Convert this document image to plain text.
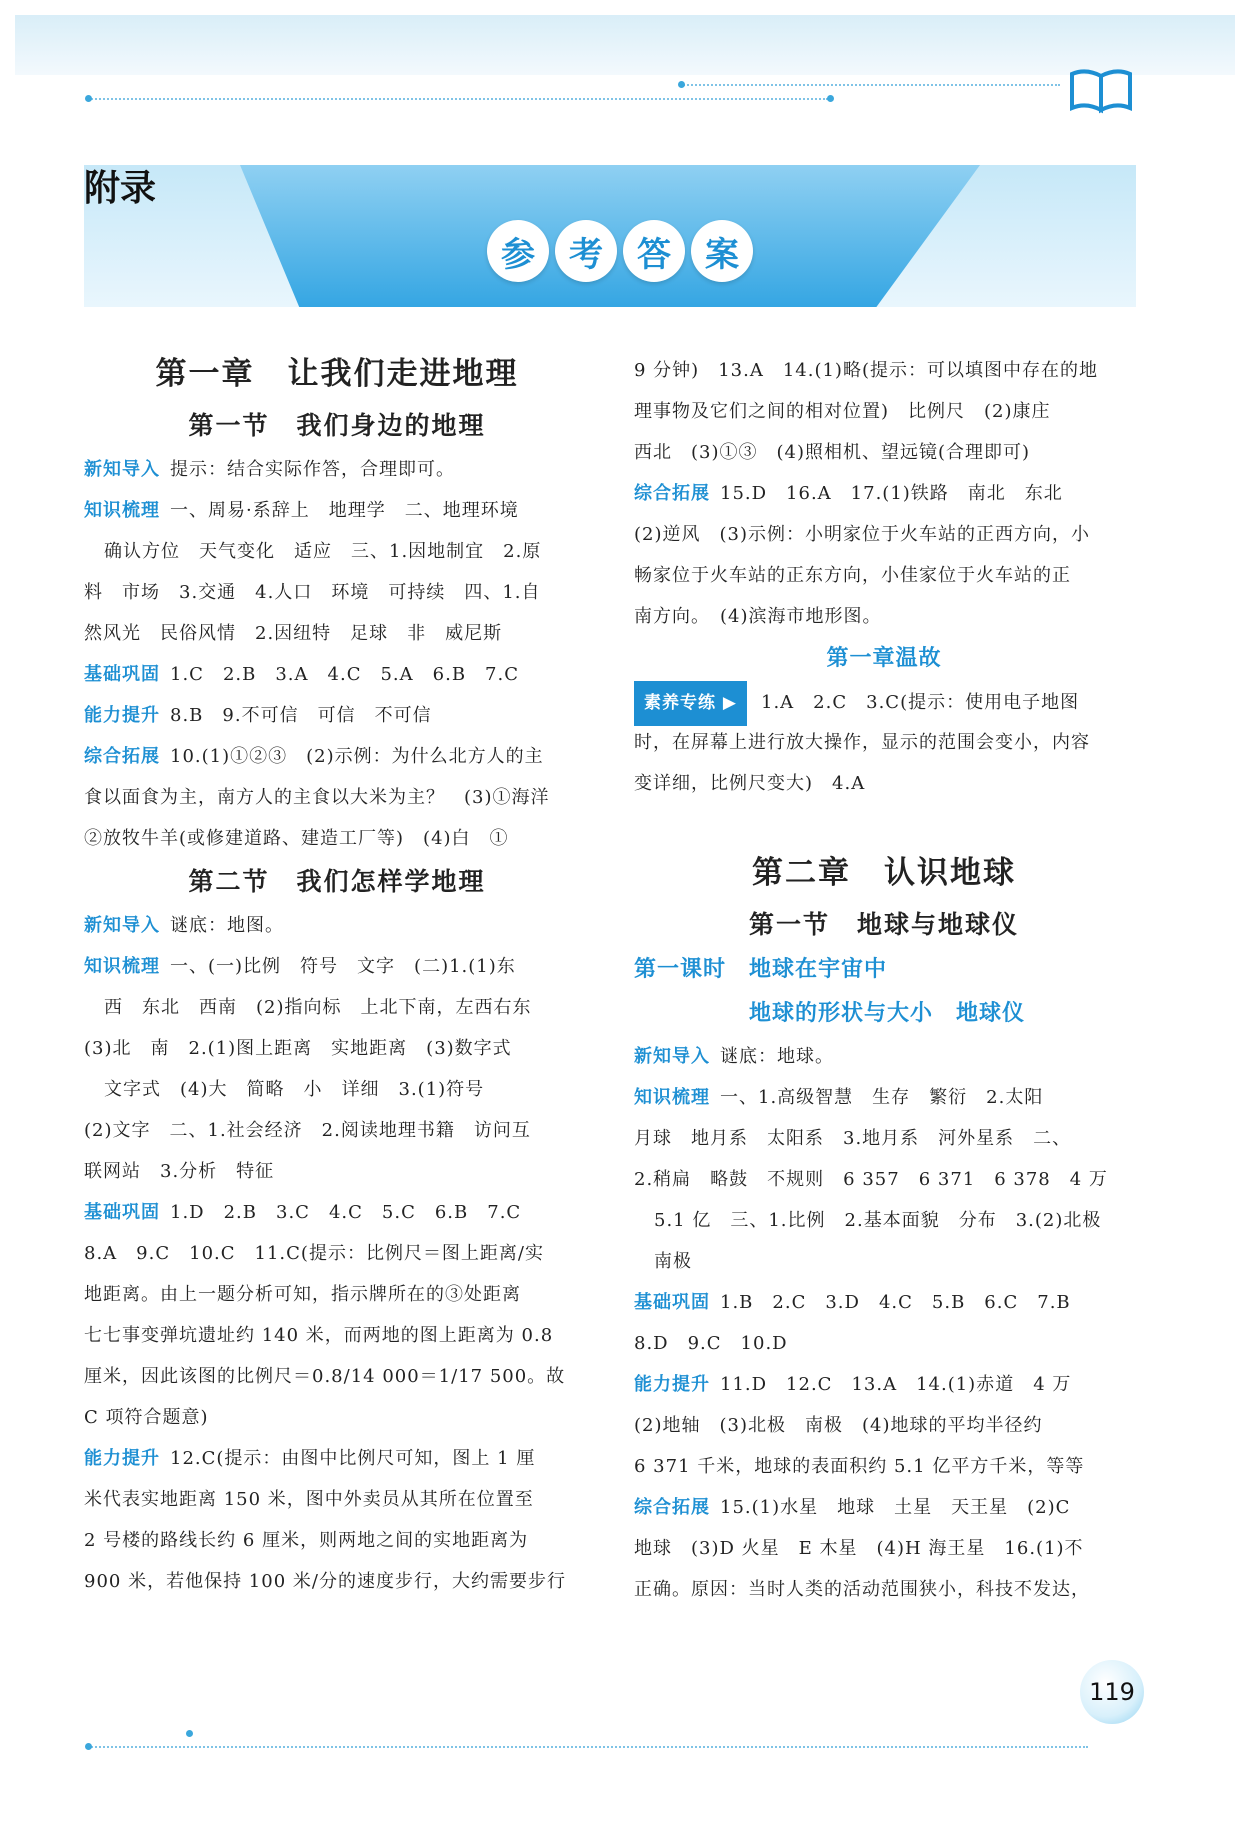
附录
参	考	答	案
第一章　让我们走进地理
第一节　我们身边的地理
新知导入 提示：结合实际作答，合理即可。
知识梳理 一、周易·系辞上　地理学　二、地理环境
确认方位　天气变化　适应　三、1.因地制宜　2.原
料　市场　3.交通　4.人口　环境　可持续　四、1.自
然风光　民俗风情　2.因纽特　足球　非　威尼斯
基础巩固 1.C　2.B　3.A　4.C　5.A　6.B　7.C
能力提升 8.B　9.不可信　可信　不可信
综合拓展 10.(1)①②③　(2)示例：为什么北方人的主
食以面食为主，南方人的主食以大米为主？　(3)①海洋
②放牧牛羊(或修建道路、建造工厂等)　(4)白　①
第二节　我们怎样学地理
新知导入 谜底：地图。
知识梳理 一、(一)比例　符号　文字　(二)1.(1)东
西　东北　西南　(2)指向标　上北下南，左西右东
(3)北　南　2.(1)图上距离　实地距离　(3)数字式
文字式　(4)大　简略　小　详细　3.(1)符号
(2)文字　二、1.社会经济　2.阅读地理书籍　访问互
联网站　3.分析　特征
基础巩固 1.D　2.B　3.C　4.C　5.C　6.B　7.C
8.A　9.C　10.C　11.C(提示：比例尺＝图上距离/实
地距离。由上一题分析可知，指示牌所在的③处距离
七七事变弹坑遗址约 140 米，而两地的图上距离为 0.8
厘米，因此该图的比例尺＝0.8/14 000＝1/17 500。故
C 项符合题意)
能力提升 12.C(提示：由图中比例尺可知，图上 1 厘
米代表实地距离 150 米，图中外卖员从其所在位置至
2 号楼的路线长约 6 厘米，则两地之间的实地距离为
900 米，若他保持 100 米/分的速度步行，大约需要步行
9 分钟)　13.A　14.(1)略(提示：可以填图中存在的地
理事物及它们之间的相对位置)　比例尺　(2)康庄
西北　(3)①③　(4)照相机、望远镜(合理即可)
综合拓展 15.D　16.A　17.(1)铁路　南北　东北
(2)逆风　(3)示例：小明家位于火车站的正西方向，小
畅家位于火车站的正东方向，小佳家位于火车站的正
南方向。　(4)滨海市地形图。
第一章温故
素养专练 ▶ 1.A　2.C　3.C(提示：使用电子地图
时，在屏幕上进行放大操作，显示的范围会变小，内容
变详细，比例尺变大)　4.A
第二章　认识地球
第一节　地球与地球仪
第一课时　地球在宇宙中
　　　　　地球的形状与大小　地球仪
新知导入 谜底：地球。
知识梳理 一、1.高级智慧　生存　繁衍　2.太阳
月球　地月系　太阳系　3.地月系　河外星系　二、
2.稍扁　略鼓　不规则　6 357　6 371　6 378　4 万
5.1 亿　三、1.比例　2.基本面貌　分布　3.(2)北极
南极
基础巩固 1.B　2.C　3.D　4.C　5.B　6.C　7.B
8.D　9.C　10.D
能力提升 11.D　12.C　13.A　14.(1)赤道　4 万
(2)地轴　(3)北极　南极　(4)地球的平均半径约
6 371 千米，地球的表面积约 5.1 亿平方千米，等等
综合拓展 15.(1)水星　地球　土星　天王星　(2)C
地球　(3)D 火星　E 木星　(4)H 海王星　16.(1)不
正确。原因：当时人类的活动范围狭小，科技不发达，
119
